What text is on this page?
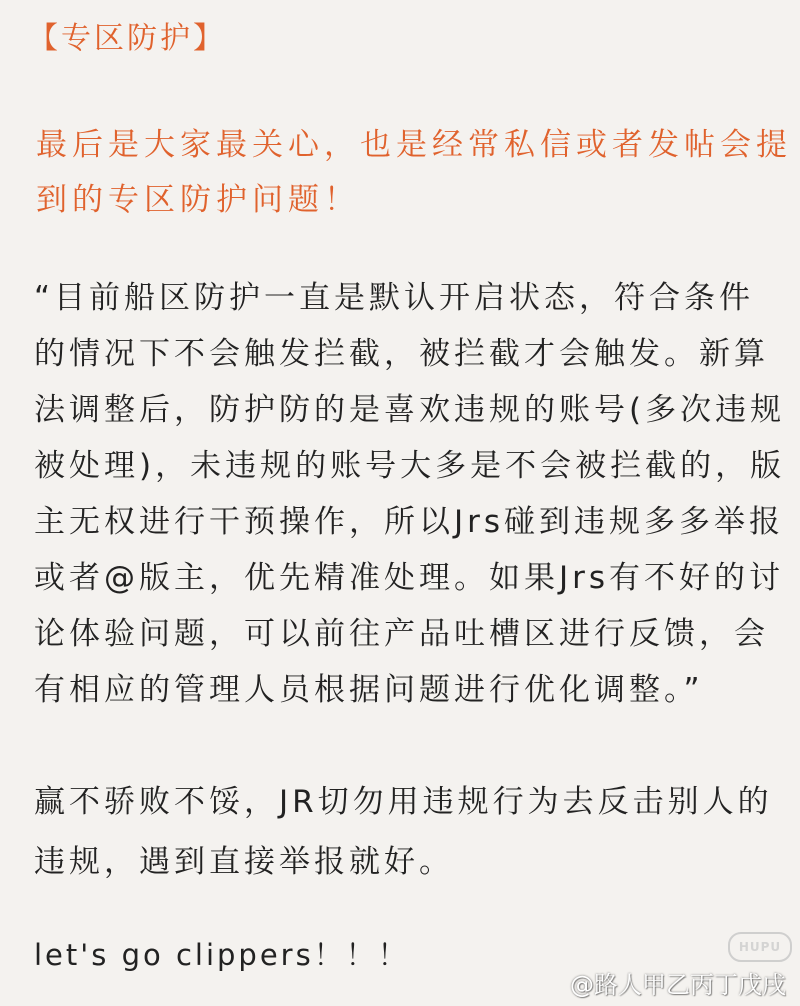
【专区防护】
最后是大家最关心，也是经常私信或者发帖会提
到的专区防护问题！
“目前船区防护一直是默认开启状态，符合条件
的情况下不会触发拦截，被拦截才会触发。新算
法调整后，防护防的是喜欢违规的账号(多次违规
被处理)，未违规的账号大多是不会被拦截的，版
主无权进行干预操作，所以Jrs碰到违规多多举报
或者@版主，优先精准处理。如果Jrs有不好的讨
论体验问题，可以前往产品吐槽区进行反馈，会
有相应的管理人员根据问题进行优化调整。”
赢不骄败不馁，JR切勿用违规行为去反击别人的
违规，遇到直接举报就好。
let's go clippers！！！	HUPU
@路人甲乙丙丁戊戌
